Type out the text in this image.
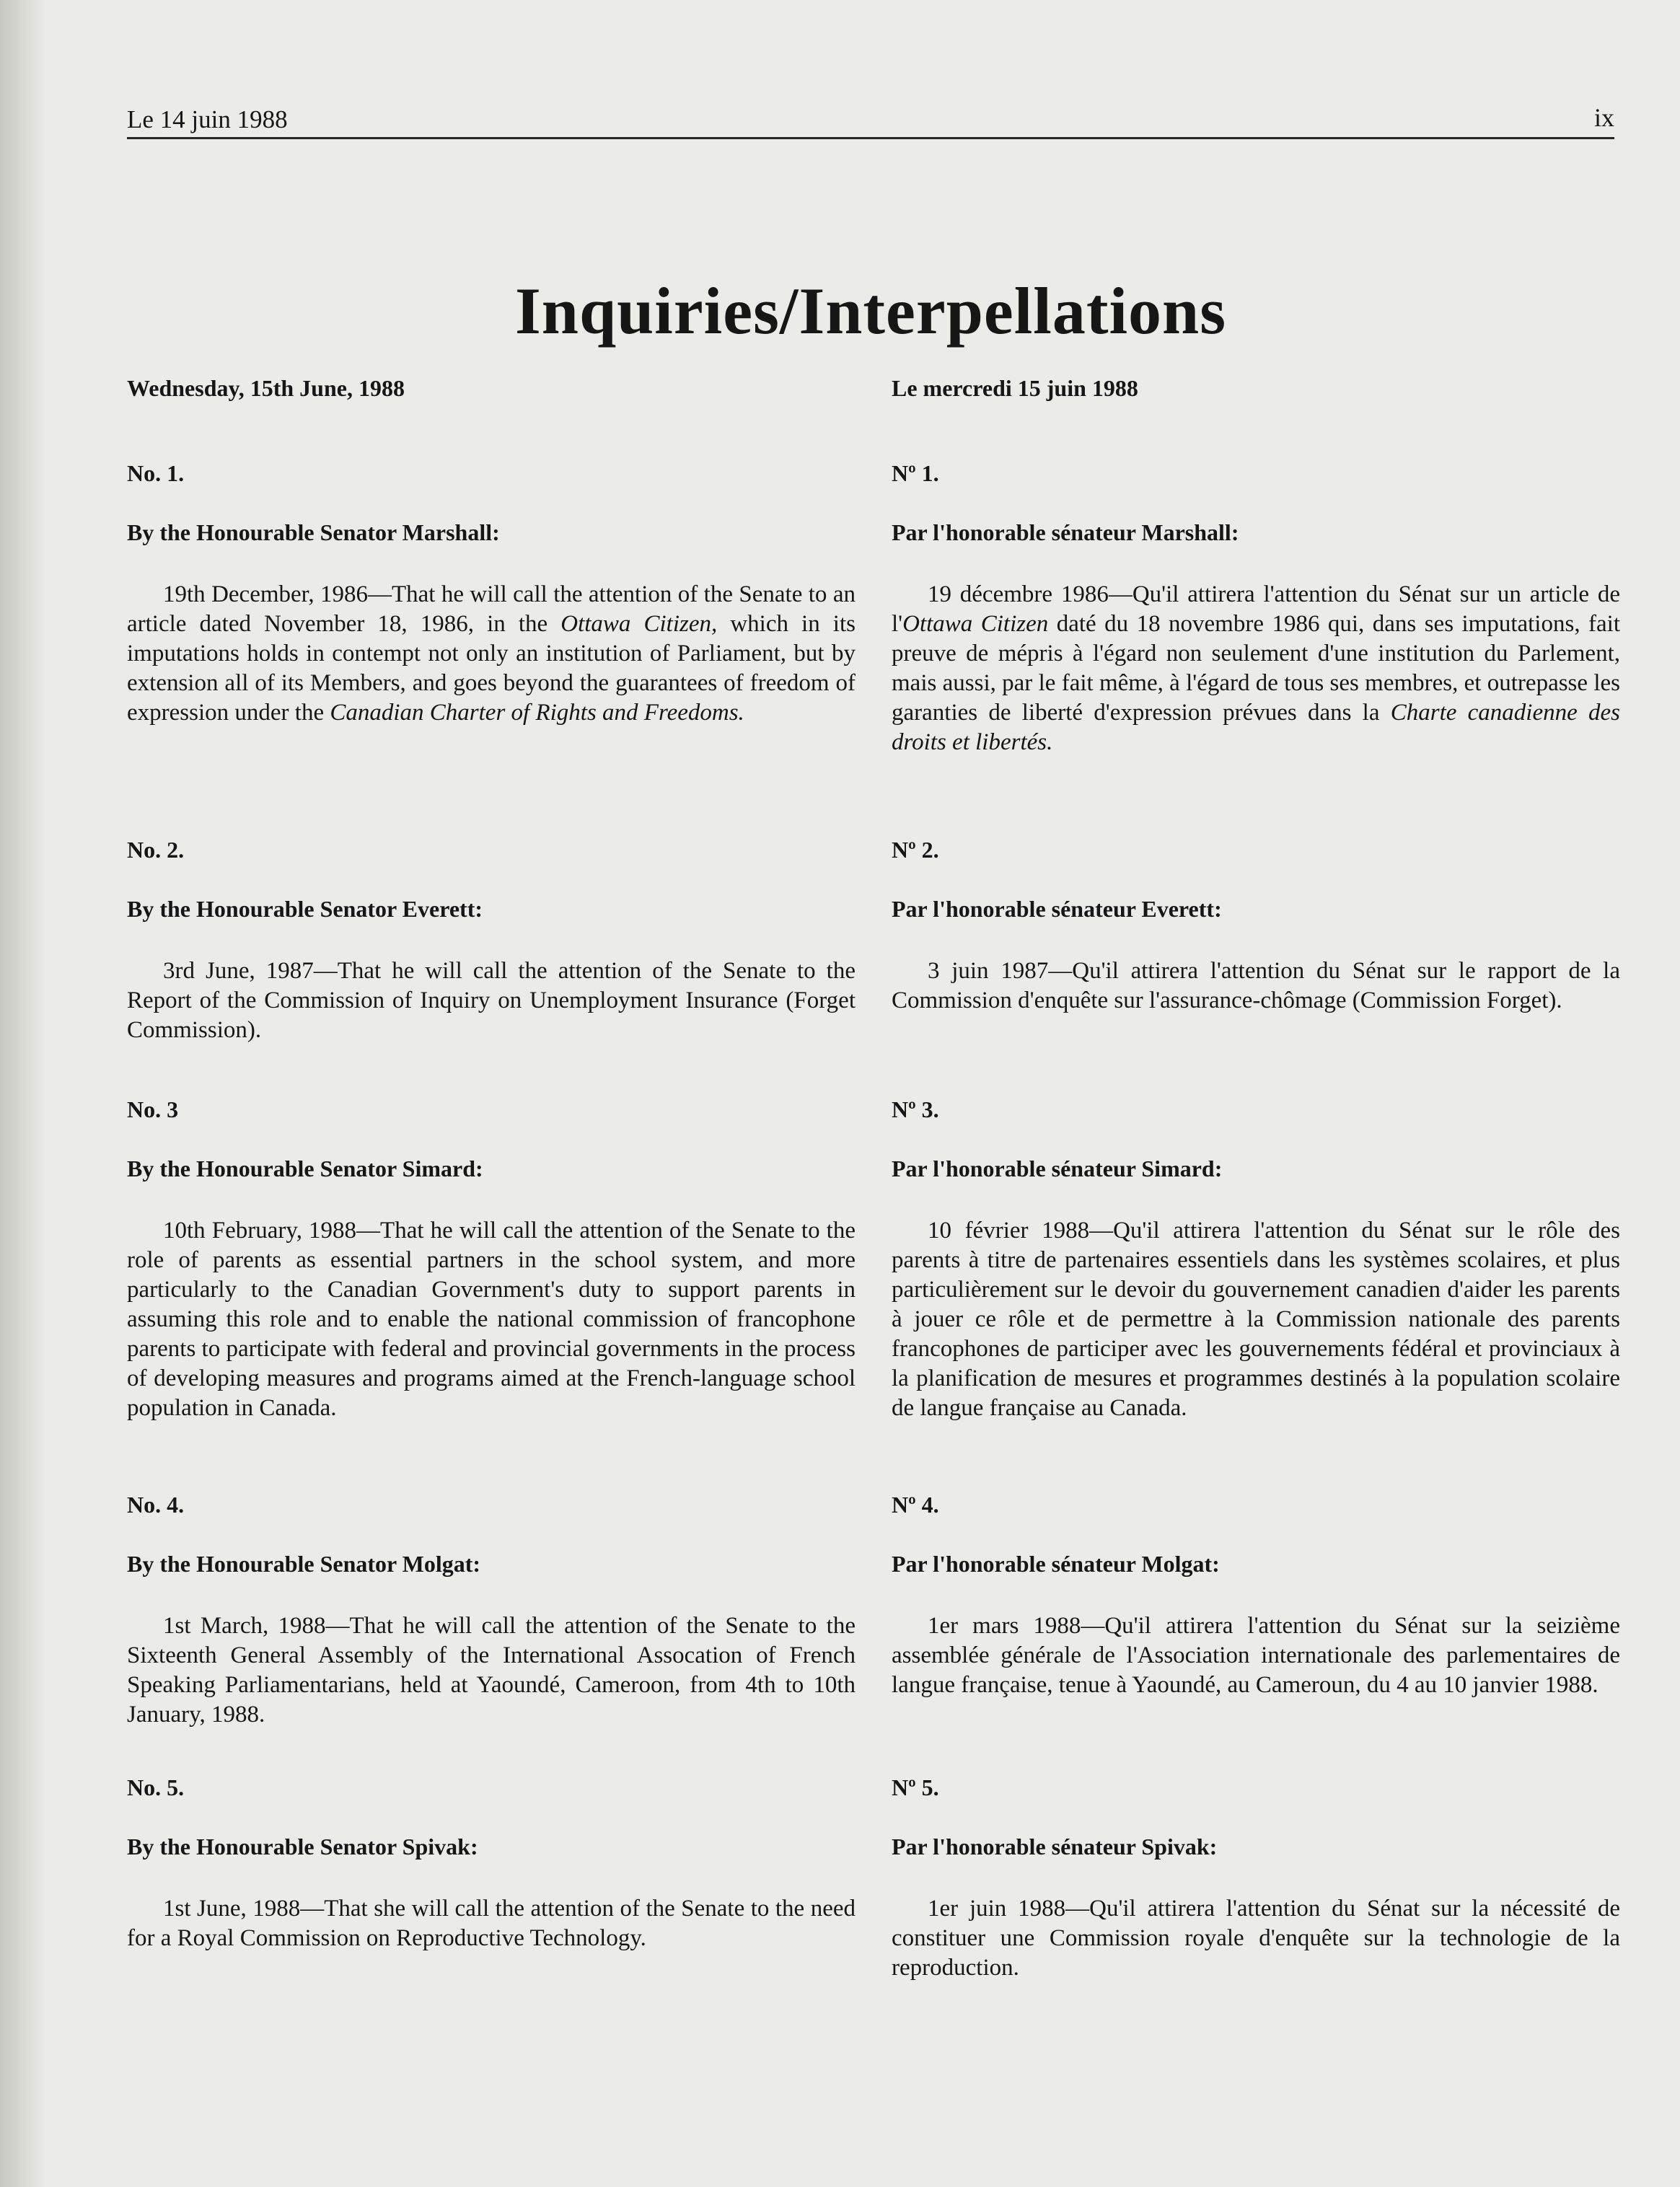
Le 14 juin 1988	ix
Inquiries/Interpellations
Wednesday, 15th June, 1988
No. 1.
By the Honourable Senator Marshall:

19th December, 1986—That he will call the attention of the Senate to an article dated November 18, 1986, in the Ottawa Citizen, which in its imputations holds in contempt not only an institution of Parliament, but by extension all of its Members, and goes beyond the guarantees of freedom of expression under the Canadian Charter of Rights and Freedoms.

No. 2.
By the Honourable Senator Everett:

3rd June, 1987—That he will call the attention of the Senate to the Report of the Commission of Inquiry on Unemployment Insurance (Forget Commission).

No. 3
By the Honourable Senator Simard:

10th February, 1988—That he will call the attention of the Senate to the role of parents as essential partners in the school system, and more particularly to the Canadian Government's duty to support parents in assuming this role and to enable the national commission of francophone parents to participate with federal and provincial governments in the process of developing measures and programs aimed at the French-language school population in Canada.

No. 4.
By the Honourable Senator Molgat:

1st March, 1988—That he will call the attention of the Senate to the Sixteenth General Assembly of the International Assocation of French Speaking Parliamentarians, held at Yaoundé, Cameroon, from 4th to 10th January, 1988.

No. 5.
By the Honourable Senator Spivak:

1st June, 1988—That she will call the attention of the Senate to the need for a Royal Commission on Reproductive Technology.

Le mercredi 15 juin 1988
Nº 1.
Par l'honorable sénateur Marshall:

19 décembre 1986—Qu'il attirera l'attention du Sénat sur un article de l'Ottawa Citizen daté du 18 novembre 1986 qui, dans ses imputations, fait preuve de mépris à l'égard non seulement d'une institution du Parlement, mais aussi, par le fait même, à l'égard de tous ses membres, et outrepasse les garanties de liberté d'expression prévues dans la Charte canadienne des droits et libertés.

Nº 2.
Par l'honorable sénateur Everett:

3 juin 1987—Qu'il attirera l'attention du Sénat sur le rapport de la Commission d'enquête sur l'assurance-chômage (Commission Forget).

Nº 3.
Par l'honorable sénateur Simard:

10 février 1988—Qu'il attirera l'attention du Sénat sur le rôle des parents à titre de partenaires essentiels dans les systèmes scolaires, et plus particulièrement sur le devoir du gouvernement canadien d'aider les parents à jouer ce rôle et de permettre à la Commission nationale des parents francophones de participer avec les gouvernements fédéral et provinciaux à la planification de mesures et programmes destinés à la population scolaire de langue française au Canada.

Nº 4.
Par l'honorable sénateur Molgat:

1er mars 1988—Qu'il attirera l'attention du Sénat sur la seizième assemblée générale de l'Association internationale des parlementaires de langue française, tenue à Yaoundé, au Cameroun, du 4 au 10 janvier 1988.

Nº 5.
Par l'honorable sénateur Spivak:

1er juin 1988—Qu'il attirera l'attention du Sénat sur la nécessité de constituer une Commission royale d'enquête sur la technologie de la reproduction.
